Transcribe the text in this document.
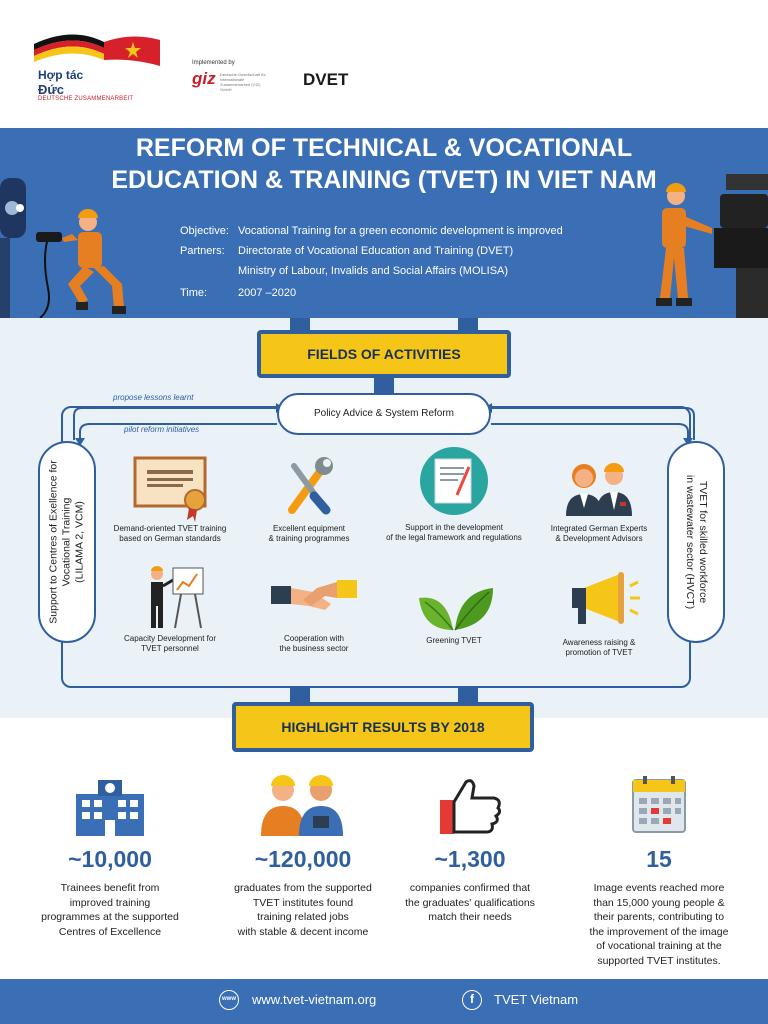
Hợp tác
Đức
DEUTSCHE ZUSAMMENARBEIT
Implemented by
giz Deutsche Gesellschaft für Internationale Zusammenarbeit (GIZ) GmbH
DVET
REFORM OF TECHNICAL & VOCATIONAL
EDUCATION & TRAINING (TVET) IN VIET NAM
Objective: Vocational Training for a green economic development is improved
Partners: Directorate of Vocational Education and Training (DVET)
Ministry of Labour, Invalids and Social Affairs (MOLISA)
Time:	2007 –2020
FIELDS OF ACTIVITIES
propose lessons learnt
pilot reform initiatives
Policy Advice & System Reform
Support to Centres of Exellence for Vocational Training (LILAMA 2, VCM)	TVET for skilled workforce
in wastewater sector (HVCT)
Demand-oriented TVET training
based on German standards
Excellent equipment
& training programmes
Support in the development
of the legal framework and regulations
Integrated German Experts
& Development Advisors
Capacity Development for
TVET personnel
Cooperation with
the business sector
Greening TVET	Awareness raising &
promotion of TVET
HIGHLIGHT RESULTS BY 2018
~10,000
Trainees benefit from
improved training
programmes at the supported
Centres of Excellence
~120,000
graduates from the supported
TVET institutes found
training related jobs
with stable & decent income
~1,300
companies confirmed that
the graduates' qualifications
match their needs
15
Image events reached more
than 15,000 young people &
their parents, contributing to
the improvement of the image
of vocational training at the
supported TVET institutes.
www www.tvet-vietnam.org	f	TVET Vietnam
